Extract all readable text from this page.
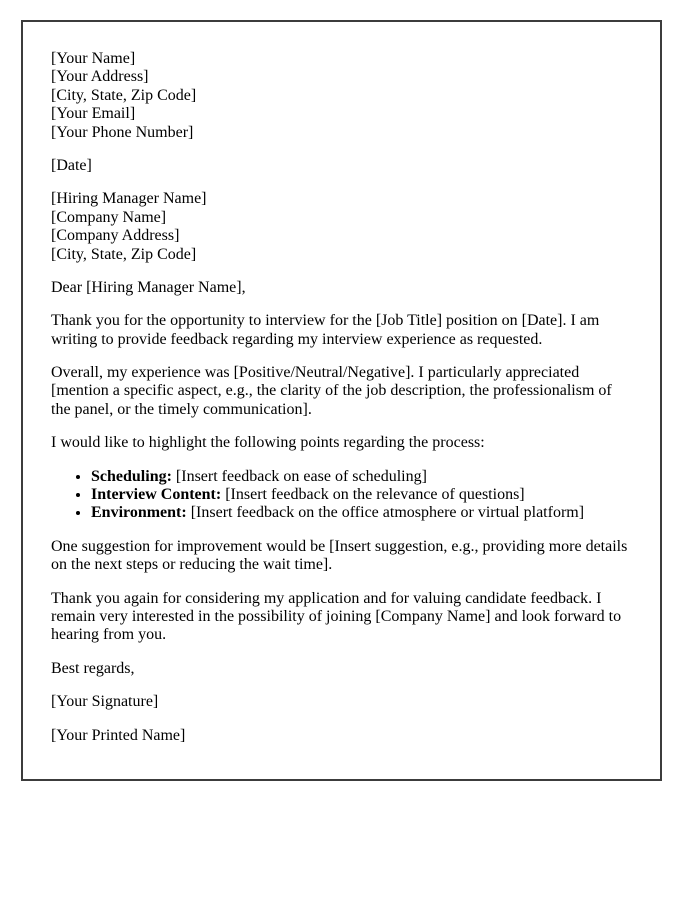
[Your Name]
[Your Address]
[City, State, Zip Code]
[Your Email]
[Your Phone Number]

[Date]

[Hiring Manager Name]
[Company Name]
[Company Address]
[City, State, Zip Code]

Dear [Hiring Manager Name],

Thank you for the opportunity to interview for the [Job Title] position on [Date]. I am writing to provide feedback regarding my interview experience as requested.

Overall, my experience was [Positive/Neutral/Negative]. I particularly appreciated [mention a specific aspect, e.g., the clarity of the job description, the professionalism of the panel, or the timely communication].

I would like to highlight the following points regarding the process:

• Scheduling: [Insert feedback on ease of scheduling]
• Interview Content: [Insert feedback on the relevance of questions]
• Environment: [Insert feedback on the office atmosphere or virtual platform]

One suggestion for improvement would be [Insert suggestion, e.g., providing more details on the next steps or reducing the wait time].

Thank you again for considering my application and for valuing candidate feedback. I remain very interested in the possibility of joining [Company Name] and look forward to hearing from you.

Best regards,

[Your Signature]

[Your Printed Name]
